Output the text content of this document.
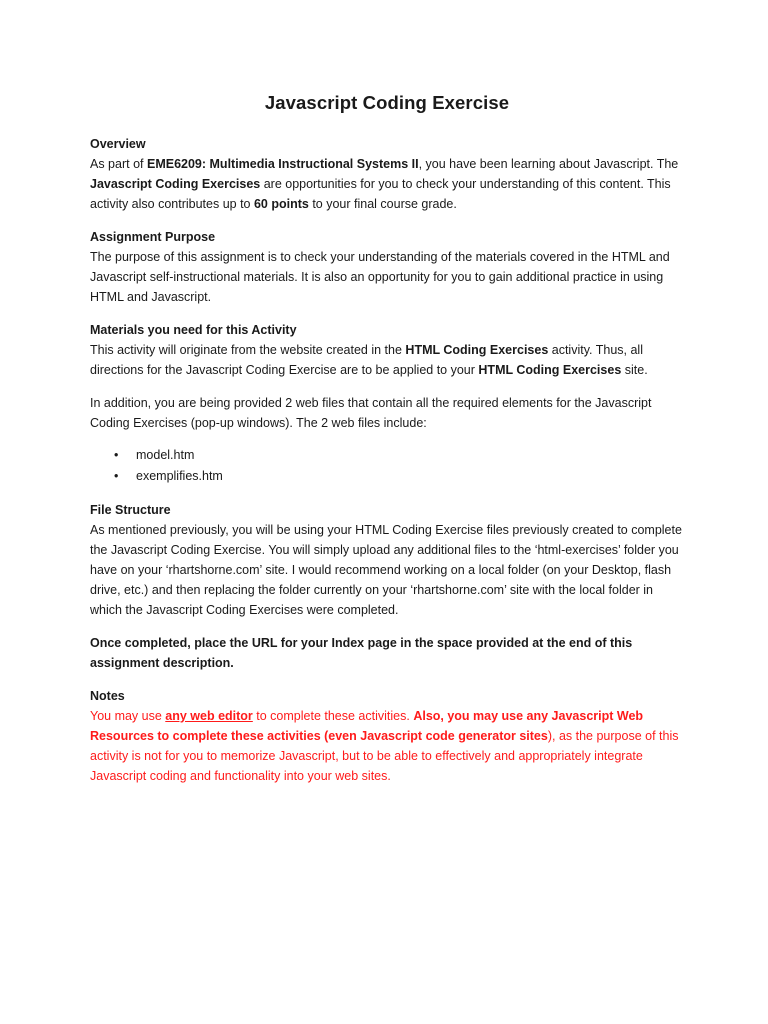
Javascript Coding Exercise
Overview

As part of EME6209: Multimedia Instructional Systems II, you have been learning about Javascript. The Javascript Coding Exercises are opportunities for you to check your understanding of this content. This activity also contributes up to 60 points to your final course grade.

Assignment Purpose

The purpose of this assignment is to check your understanding of the materials covered in the HTML and Javascript self-instructional materials. It is also an opportunity for you to gain additional practice in using HTML and Javascript.

Materials you need for this Activity

This activity will originate from the website created in the HTML Coding Exercises activity. Thus, all directions for the Javascript Coding Exercise are to be applied to your HTML Coding Exercises site.

In addition, you are being provided 2 web files that contain all the required elements for the Javascript Coding Exercises (pop-up windows). The 2 web files include:

• model.htm
• exemplifies.htm
File Structure

As mentioned previously, you will be using your HTML Coding Exercise files previously created to complete the Javascript Coding Exercise. You will simply upload any additional files to the ‘html-exercises’ folder you have on your ‘rhartshorne.com’ site. I would recommend working on a local folder (on your Desktop, flash drive, etc.) and then replacing the folder currently on your ‘rhartshorne.com’ site with the local folder in which the Javascript Coding Exercises were completed.

Once completed, place the URL for your Index page in the space provided at the end of this assignment description.

Notes

You may use any web editor to complete these activities. Also, you may use any Javascript Web Resources to complete these activities (even Javascript code generator sites), as the purpose of this activity is not for you to memorize Javascript, but to be able to effectively and appropriately integrate Javascript coding and functionality into your web sites.
